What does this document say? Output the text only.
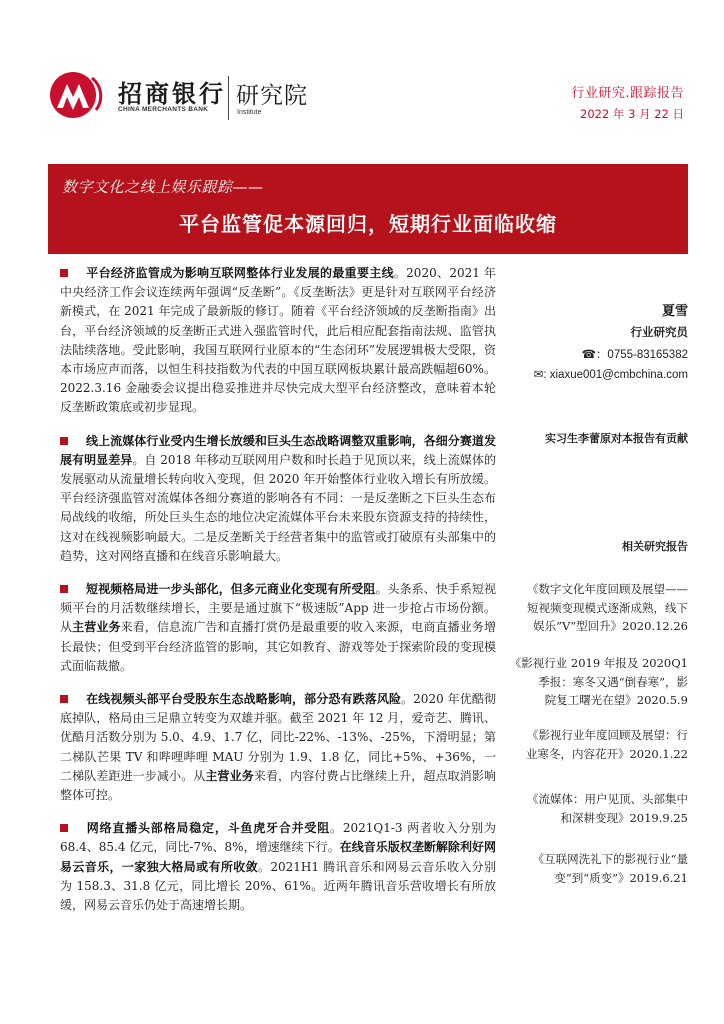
招商银行
CHINA MERCHANTS BANK
研究院
Institute
行业研究.跟踪报告
2022 年 3 月 22 日
数字文化之线上娱乐跟踪——
平台监管促本源回归，短期行业面临收缩
平台经济监管成为影响互联网整体行业发展的最重要主线。2020、2021 年中央经济工作会议连续两年强调“反垄断”。《反垄断法》更是针对互联网平台经济新模式，在 2021 年完成了最新版的修订。随着《平台经济领域的反垄断指南》出台，平台经济领域的反垄断正式进入强监管时代，此后相应配套指南法规、监管执法陆续落地。受此影响，我国互联网行业原本的“生态闭环”发展逻辑极大受限，资本市场应声而落，以恒生科技指数为代表的中国互联网板块累计最高跌幅超60%。2022.3.16 金融委会议提出稳妥推进并尽快完成大型平台经济整改，意味着本轮反垄断政策底或初步显现。
线上流媒体行业受内生增长放缓和巨头生态战略调整双重影响，各细分赛道发展有明显差异。自 2018 年移动互联网用户数和时长趋于见顶以来，线上流媒体的发展驱动从流量增长转向收入变现，但 2020 年开始整体行业收入增长有所放缓。平台经济强监管对流媒体各细分赛道的影响各有不同：一是反垄断之下巨头生态布局战线的收缩，所处巨头生态的地位决定流媒体平台未来股东资源支持的持续性，这对在线视频影响最大。二是反垄断关于经营者集中的监管或打破原有头部集中的趋势，这对网络直播和在线音乐影响最大。
短视频格局进一步头部化，但多元商业化变现有所受阻。头条系、快手系短视频平台的月活数继续增长，主要是通过旗下“极速版”App 进一步抢占市场份额。从主营业务来看，信息流广告和直播打赏仍是最重要的收入来源，电商直播业务增长最快；但受到平台经济监管的影响，其它如教育、游戏等处于探索阶段的变现模式面临裁撤。
在线视频头部平台受股东生态战略影响，部分恐有跌落风险。2020 年优酷彻底掉队，格局由三足鼎立转变为双雄并驱。截至 2021 年 12 月，爱奇艺、腾讯、优酷月活数分别为 5.0、4.9、1.7 亿，同比-22%、-13%、-25%，下滑明显；第二梯队芒果 TV 和哔哩哔哩 MAU 分别为 1.9、1.8 亿，同比+5%、+36%，一二梯队差距进一步减小。从主营业务来看，内容付费占比继续上升，超点取消影响整体可控。
网络直播头部格局稳定，斗鱼虎牙合并受阻。2021Q1-3 两者收入分别为 68.4、85.4 亿元，同比-7%、8%，增速继续下行。在线音乐版权垄断解除利好网易云音乐，一家独大格局或有所收敛。2021H1 腾讯音乐和网易云音乐收入分别为 158.3、31.8 亿元，同比增长 20%、61%。近两年腾讯音乐营收增长有所放缓，网易云音乐仍处于高速增长期。
夏雪
行业研究员
☎：0755-83165382
✉: xiaxue001@cmbchina.com
实习生李蕾原对本报告有贡献
相关研究报告
《数字文化年度回顾及展望——
短视频变现模式逐渐成熟，线下
娱乐”V“型回升》2020.12.26
《影视行业 2019 年报及 2020Q1
季报：寒冬又遇“倒春寒”，影
院复工曙光在望》2020.5.9
《影视行业年度回顾及展望：行
业寒冬，内容花开》2020.1.22
《流媒体：用户见顶、头部集中
和深耕变现》2019.9.25
《互联网洗礼下的影视行业“量
变”到“质变”》2019.6.21
